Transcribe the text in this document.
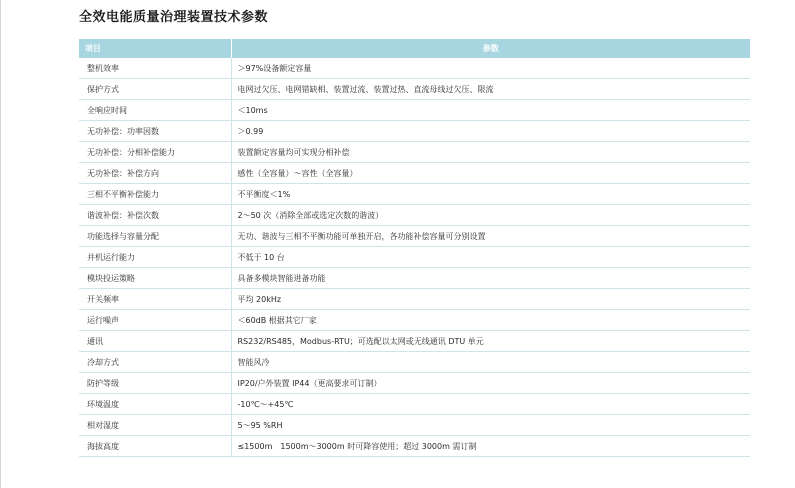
全效电能质量治理装置技术参数
项目	参数
整机效率	＞97%设备额定容量
保护方式	电网过欠压、电网错缺相、装置过流、装置过热、直流母线过欠压、限流
全响应时间	＜10ms
无功补偿：功率因数	＞0.99
无功补偿：分相补偿能力	装置额定容量均可实现分相补偿
无功补偿：补偿方向	感性（全容量）～容性（全容量）
三相不平衡补偿能力	不平衡度＜1%
谐波补偿：补偿次数	2～50 次（消除全部或选定次数的谐波）
功能选择与容量分配	无功、谐波与三相不平衡功能可单独开启，各功能补偿容量可分别设置
并机运行能力	不低于 10 台
模块投运策略	具备多模块智能进备功能
开关频率	平均 20kHz
运行噪声	＜60dB 根据其它厂家
通讯	RS232/RS485，Modbus-RTU；可选配以太网或无线通讯 DTU 单元
冷却方式	智能风冷
防护等级	IP20/户外装置 IP44（更高要求可订制）
环境温度	-10℃～+45℃
相对湿度	5～95 %RH
海拔高度	≤1500m　1500m～3000m 时可降容使用；超过 3000m 需订制
